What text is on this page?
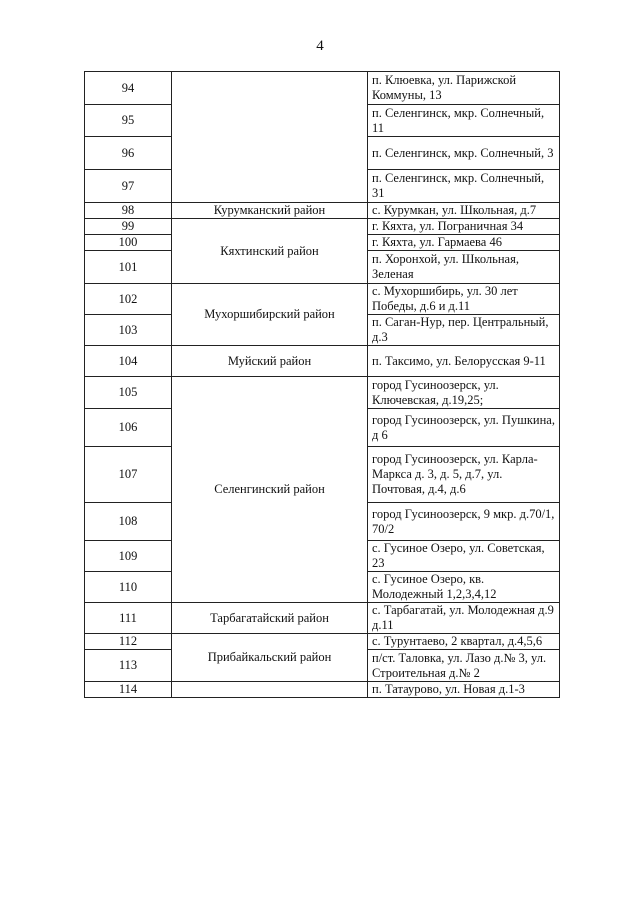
4
94		п. Клюевка, ул. Парижской Коммуны, 13
95		п. Селенгинск, мкр. Солнечный, 11
96		п. Селенгинск, мкр. Солнечный, 3
97		п. Селенгинск, мкр. Солнечный, 31
98	Курумканский район	с. Курумкан, ул. Школьная, д.7
99	Кяхтинский район	г. Кяхта, ул. Пограничная 34
100		г. Кяхта, ул. Гармаева 46
101		п. Хоронхой, ул. Школьная, Зеленая
102	Мухоршибирский район	с. Мухоршибирь, ул. 30 лет Победы, д.6 и д.11
103		п. Саган-Нур, пер. Центральный, д.3
104	Муйский район	п. Таксимо, ул. Белорусская 9-11
105	Селенгинский район	город Гусиноозерск, ул. Ключевская, д.19,25;
106		город Гусиноозерск, ул. Пушкина, д 6
107		город Гусиноозерск, ул. Карла-Маркса д. 3, д. 5, д.7, ул. Почтовая, д.4, д.6
108		город Гусиноозерск, 9 мкр. д.70/1, 70/2
109		с. Гусиное Озеро, ул. Советская, 23
110		с. Гусиное Озеро, кв. Молодежный 1,2,3,4,12
111	Тарбагатайский район	с. Тарбагатай, ул. Молодежная д.9 д.11
112	Прибайкальский район	с. Турунтаево, 2 квартал, д.4,5,6
113		п/ст. Таловка, ул. Лазо д.№ 3, ул. Строительная д.№ 2
114		п. Татаурово, ул. Новая д.1-3
